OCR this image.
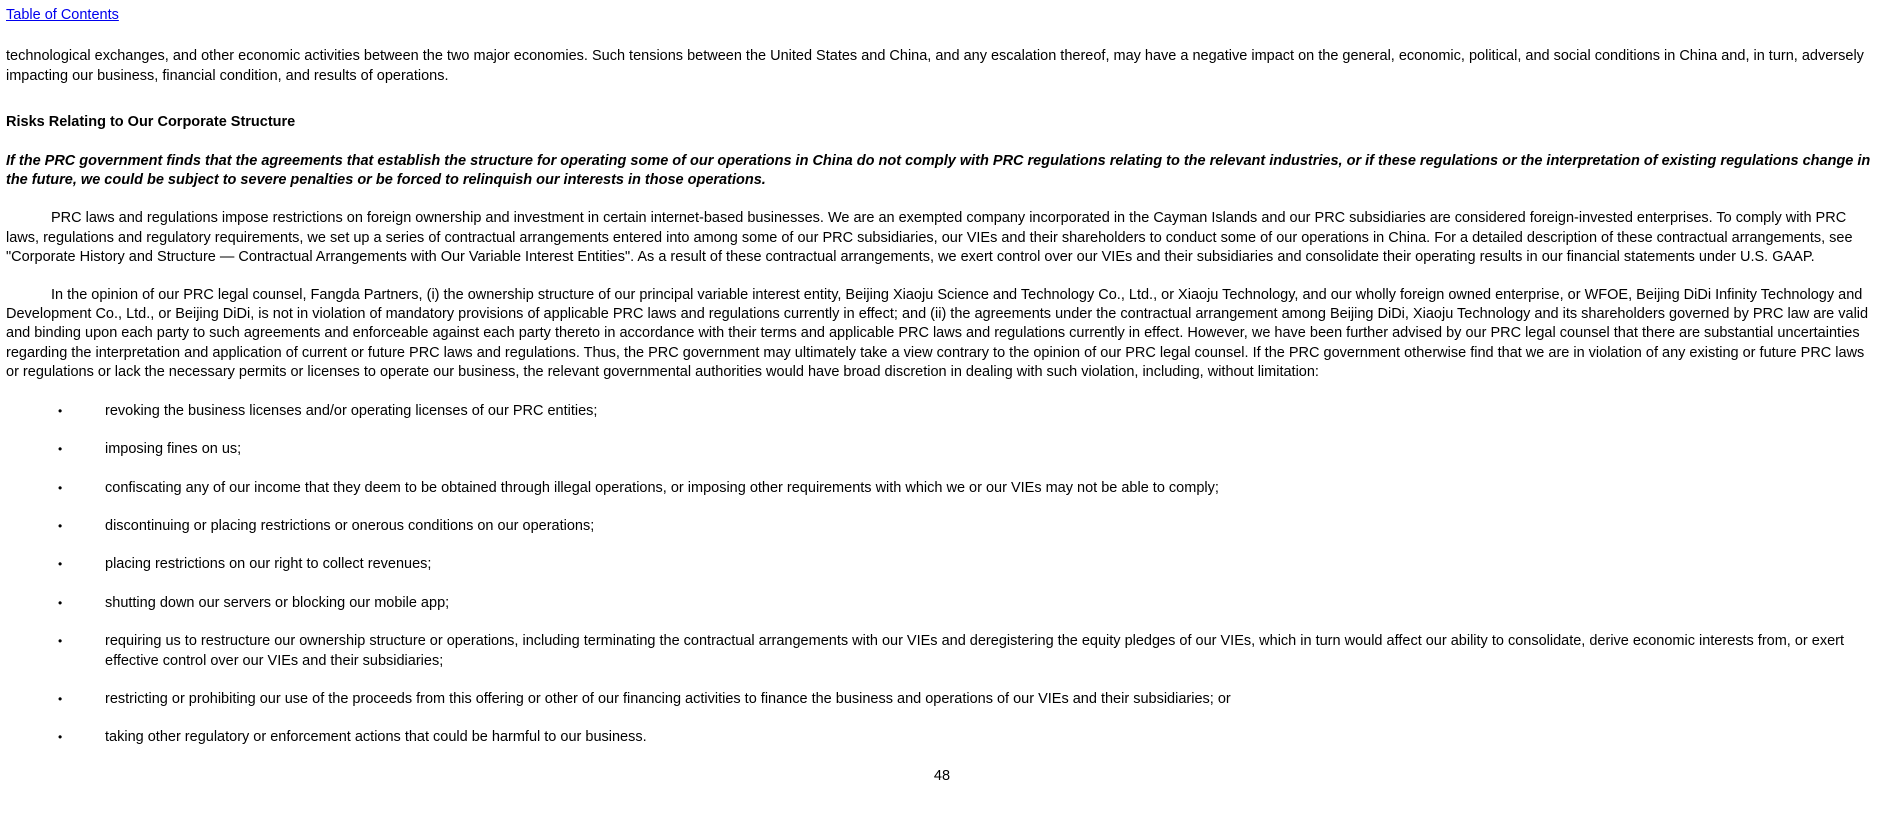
Table of Contents

technological exchanges, and other economic activities between the two major economies. Such tensions between the United States and China, and any escalation thereof, may have a negative impact on the general, economic, political, and social conditions in China and, in turn, adversely impacting our business, financial condition, and results of operations.

Risks Relating to Our Corporate Structure

If the PRC government finds that the agreements that establish the structure for operating some of our operations in China do not comply with PRC regulations relating to the relevant industries, or if these regulations or the interpretation of existing regulations change in the future, we could be subject to severe penalties or be forced to relinquish our interests in those operations.

PRC laws and regulations impose restrictions on foreign ownership and investment in certain internet-based businesses. We are an exempted company incorporated in the Cayman Islands and our PRC subsidiaries are considered foreign-invested enterprises. To comply with PRC laws, regulations and regulatory requirements, we set up a series of contractual arrangements entered into among some of our PRC subsidiaries, our VIEs and their shareholders to conduct some of our operations in China. For a detailed description of these contractual arrangements, see "Corporate History and Structure — Contractual Arrangements with Our Variable Interest Entities". As a result of these contractual arrangements, we exert control over our VIEs and their subsidiaries and consolidate their operating results in our financial statements under U.S. GAAP.

In the opinion of our PRC legal counsel, Fangda Partners, (i) the ownership structure of our principal variable interest entity, Beijing Xiaoju Science and Technology Co., Ltd., or Xiaoju Technology, and our wholly foreign owned enterprise, or WFOE, Beijing DiDi Infinity Technology and Development Co., Ltd., or Beijing DiDi, is not in violation of mandatory provisions of applicable PRC laws and regulations currently in effect; and (ii) the agreements under the contractual arrangement among Beijing DiDi, Xiaoju Technology and its shareholders governed by PRC law are valid and binding upon each party to such agreements and enforceable against each party thereto in accordance with their terms and applicable PRC laws and regulations currently in effect. However, we have been further advised by our PRC legal counsel that there are substantial uncertainties regarding the interpretation and application of current or future PRC laws and regulations. Thus, the PRC government may ultimately take a view contrary to the opinion of our PRC legal counsel. If the PRC government otherwise find that we are in violation of any existing or future PRC laws or regulations or lack the necessary permits or licenses to operate our business, the relevant governmental authorities would have broad discretion in dealing with such violation, including, without limitation:

•	revoking the business licenses and/or operating licenses of our PRC entities;
•	imposing fines on us;
•	confiscating any of our income that they deem to be obtained through illegal operations, or imposing other requirements with which we or our VIEs may not be able to comply;
•	discontinuing or placing restrictions or onerous conditions on our operations;
•	placing restrictions on our right to collect revenues;
•	shutting down our servers or blocking our mobile app;
•	requiring us to restructure our ownership structure or operations, including terminating the contractual arrangements with our VIEs and deregistering the equity pledges of our VIEs, which in turn would affect our ability to consolidate, derive economic interests from, or exert effective control over our VIEs and their subsidiaries;
•	restricting or prohibiting our use of the proceeds from this offering or other of our financing activities to finance the business and operations of our VIEs and their subsidiaries; or
•	taking other regulatory or enforcement actions that could be harmful to our business.
48
